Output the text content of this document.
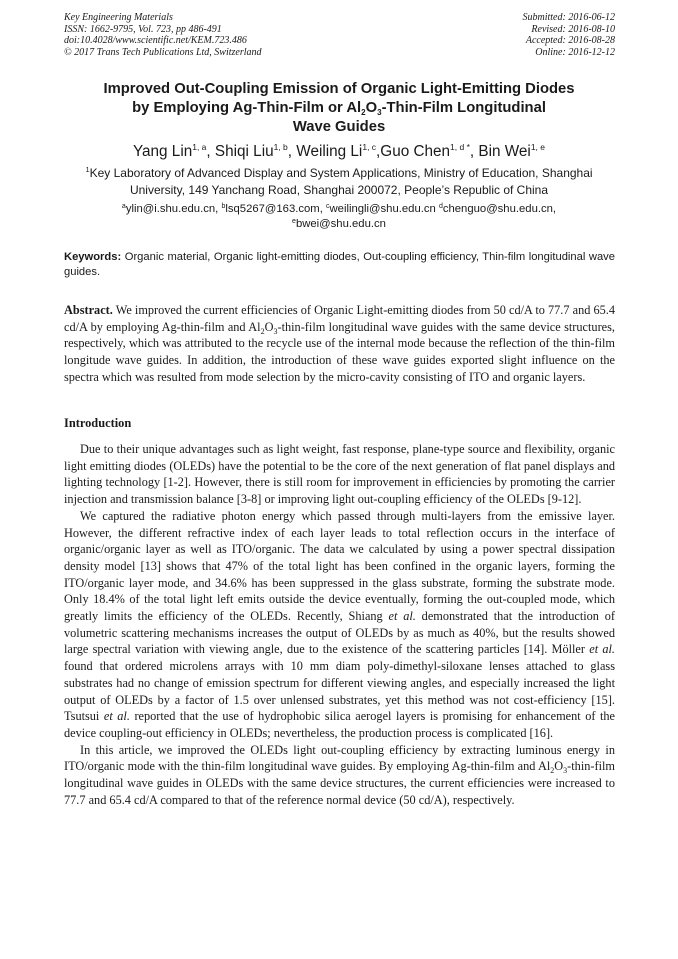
Key Engineering Materials
ISSN: 1662-9795, Vol. 723, pp 486-491
doi:10.4028/www.scientific.net/KEM.723.486
© 2017 Trans Tech Publications Ltd, Switzerland
Submitted: 2016-06-12
Revised: 2016-08-10
Accepted: 2016-08-28
Online: 2016-12-12
Improved Out-Coupling Emission of Organic Light-Emitting Diodes
by Employing Ag-Thin-Film or $Al_2O_3-Thin$-Film Longitudinal
Wave Guides
Yang Lin$^{1, a}$, Shiqi Liu$^{1, b}$, Weiling Li$^{1, c}$,Guo Chen$^{1, d *}$, Bin Wei$^{1, e}$
$^1$Key Laboratory of Advanced Display and System Applications, Ministry of Education, Shanghai
University, 149 Yanchang Road, Shanghai 200072, People’s Republic of China
$^a$ylin@i.shu.edu.cn, $^b$lsq5267@163.com, $^c$weilingli@shu.edu.cn $^d$chenguo@shu.edu.cn,
$^e$bwei@shu.edu.cn
Keywords: Organic material, Organic light-emitting diodes, Out-coupling efficiency, Thin-film longitudinal wave guides.
Abstract. We improved the current efficiencies of Organic Light-emitting diodes from 50 cd/A to 77.7 and 65.4 cd/A by employing Ag-thin-film and $Al_2O_3-thin$-film longitudinal wave guides with the same device structures, respectively, which was attributed to the recycle use of the internal mode because the reflection of the thin-film longitude wave guides. In addition, the introduction of these wave guides exported slight influence on the spectra which was resulted from mode selection by the micro-cavity consisting of ITO and organic layers.
Introduction

Due to their unique advantages such as light weight, fast response, plane-type source and flexibility, organic light emitting diodes (OLEDs) have the potential to be the core of the next generation of flat panel displays and lighting technology [1-2]. However, there is still room for improvement in efficiencies by promoting the carrier injection and transmission balance [3-8] or improving light out-coupling efficiency of the OLEDs [9-12].

We captured the radiative photon energy which passed through multi-layers from the emissive layer. However, the different refractive index of each layer leads to total reflection occurs in the interface of organic/organic layer as well as ITO/organic. The data we calculated by using a power spectral dissipation density model [13] shows that 47% of the total light has been confined in the organic layers, forming the ITO/organic layer mode, and 34.6% has been suppressed in the glass substrate, forming the substrate mode. Only 18.4% of the total light left emits outside the device eventually, forming the out-coupled mode, which greatly limits the efficiency of the OLEDs. Recently, Shiang et al. demonstrated that the introduction of volumetric scattering mechanisms increases the output of OLEDs by as much as 40%, but the results showed large spectral variation with viewing angle, due to the existence of the scattering particles [14]. Möller et al. found that ordered microlens arrays with 10 mm diam poly-dimethyl-siloxane lenses attached to glass substrates had no change of emission spectrum for different viewing angles, and especially increased the light output of OLEDs by a factor of 1.5 over unlensed substrates, yet this method was not cost-efficiency [15]. Tsutsui et al. reported that the use of hydrophobic silica aerogel layers is promising for enhancement of the device coupling-out efficiency in OLEDs; nevertheless, the production process is complicated [16].

In this article, we improved the OLEDs light out-coupling efficiency by extracting luminous energy in ITO/organic mode with the thin-film longitudinal wave guides. By employing Ag-thin-film and $Al_2O_3-thin$-film longitudinal wave guides in OLEDs with the same device structures, the current efficiencies were increased to 77.7 and 65.4 cd/A compared to that of the reference normal device (50 cd/A), respectively.
